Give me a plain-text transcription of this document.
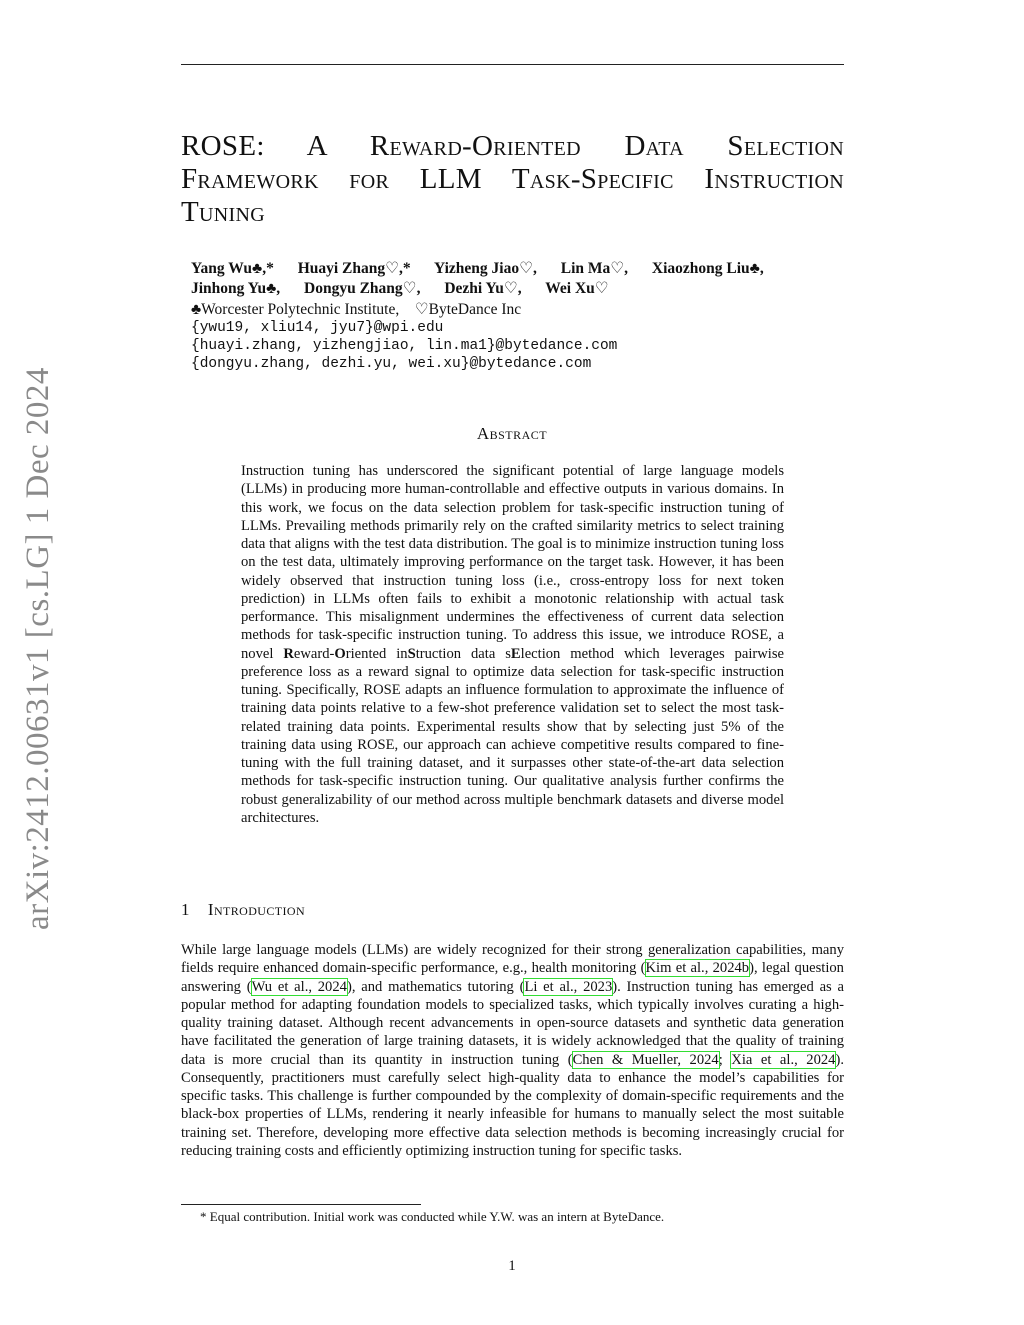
arXiv:2412.00631v1 [cs.LG] 1 Dec 2024
ROSE: A Reward-Oriented Data Selection
Framework for LLM Task-Specific Instruction
Tuning
Yang Wu♣,* Huayi Zhang♡,* Yizheng Jiao♡, Lin Ma♡, Xiaozhong Liu♣,
Jinhong Yu♣, Dongyu Zhang♡, Dezhi Yu♡, Wei Xu♡
♣Worcester Polytechnic Institute,    ♡ByteDance Inc
{ywu19, xliu14, jyu7}@wpi.edu
{huayi.zhang, yizhengjiao, lin.ma1}@bytedance.com
{dongyu.zhang, dezhi.yu, wei.xu}@bytedance.com
Abstract
Instruction tuning has underscored the significant potential of large language models (LLMs) in producing more human-controllable and effective outputs in various domains. In this work, we focus on the data selection problem for task-specific instruction tuning of LLMs. Prevailing methods primarily rely on the crafted similarity metrics to select training data that aligns with the test data distribution. The goal is to minimize instruction tuning loss on the test data, ultimately improving performance on the target task. However, it has been widely observed that instruction tuning loss (i.e., cross-entropy loss for next token prediction) in LLMs often fails to exhibit a monotonic relationship with actual task performance. This misalignment undermines the effectiveness of current data selection methods for task-specific instruction tuning. To address this issue, we introduce ROSE, a novel Reward-Oriented inStruction data sElection method which leverages pairwise preference loss as a reward signal to optimize data selection for task-specific instruction tuning. Specifically, ROSE adapts an influence formulation to approximate the influence of training data points relative to a few-shot preference validation set to select the most task-related training data points. Experimental results show that by selecting just 5% of the training data using ROSE, our approach can achieve competitive results compared to fine-tuning with the full training dataset, and it surpasses other state-of-the-art data selection methods for task-specific instruction tuning. Our qualitative analysis further confirms the robust generalizability of our method across multiple benchmark datasets and diverse model architectures.
1 Introduction
While large language models (LLMs) are widely recognized for their strong generalization capabilities, many fields require enhanced domain-specific performance, e.g., health monitoring (Kim et al., 2024b), legal question answering (Wu et al., 2024), and mathematics tutoring (Li et al., 2023). Instruction tuning has emerged as a popular method for adapting foundation models to specialized tasks, which typically involves curating a high-quality training dataset. Although recent advancements in open-source datasets and synthetic data generation have facilitated the generation of large training datasets, it is widely acknowledged that the quality of training data is more crucial than its quantity in instruction tuning (Chen & Mueller, 2024; Xia et al., 2024). Consequently, practitioners must carefully select high-quality data to enhance the model’s capabilities for specific tasks. This challenge is further compounded by the complexity of domain-specific requirements and the black-box properties of LLMs, rendering it nearly infeasible for humans to manually select the most suitable training set. Therefore, developing more effective data selection methods is becoming increasingly crucial for reducing training costs and efficiently optimizing instruction tuning for specific tasks.
* Equal contribution. Initial work was conducted while Y.W. was an intern at ByteDance.
1
